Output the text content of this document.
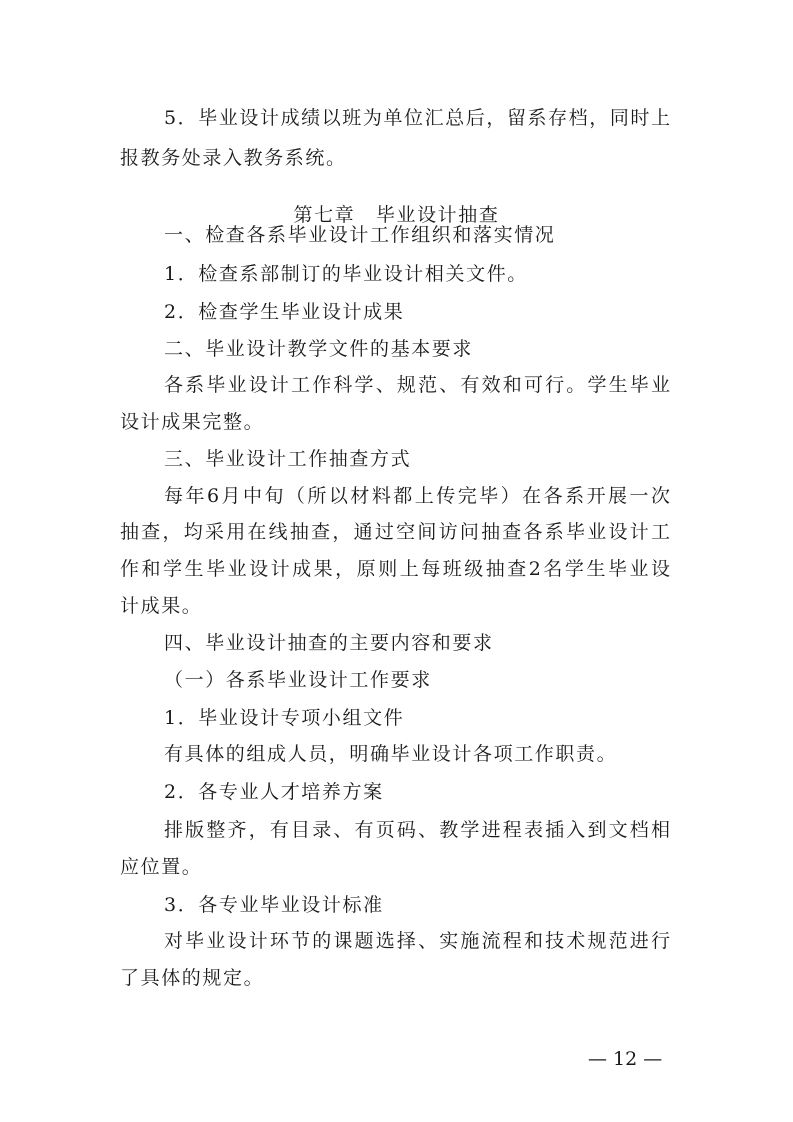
5．毕业设计成绩以班为单位汇总后，留系存档，同时上

报教务处录入教务系统。

第七章　毕业设计抽查

一、检查各系毕业设计工作组织和落实情况

1．检查系部制订的毕业设计相关文件。

2．检查学生毕业设计成果

二、毕业设计教学文件的基本要求

各系毕业设计工作科学、规范、有效和可行。学生毕业

设计成果完整。

三、毕业设计工作抽查方式

每年6月中旬（所以材料都上传完毕）在各系开展一次

抽查，均采用在线抽查，通过空间访问抽查各系毕业设计工

作和学生毕业设计成果，原则上每班级抽查2名学生毕业设

计成果。

四、毕业设计抽查的主要内容和要求

（一）各系毕业设计工作要求

1．毕业设计专项小组文件

有具体的组成人员，明确毕业设计各项工作职责。

2．各专业人才培养方案

排版整齐，有目录、有页码、教学进程表插入到文档相

应位置。

3．各专业毕业设计标准

对毕业设计环节的课题选择、实施流程和技术规范进行

了具体的规定。

— 12 —
